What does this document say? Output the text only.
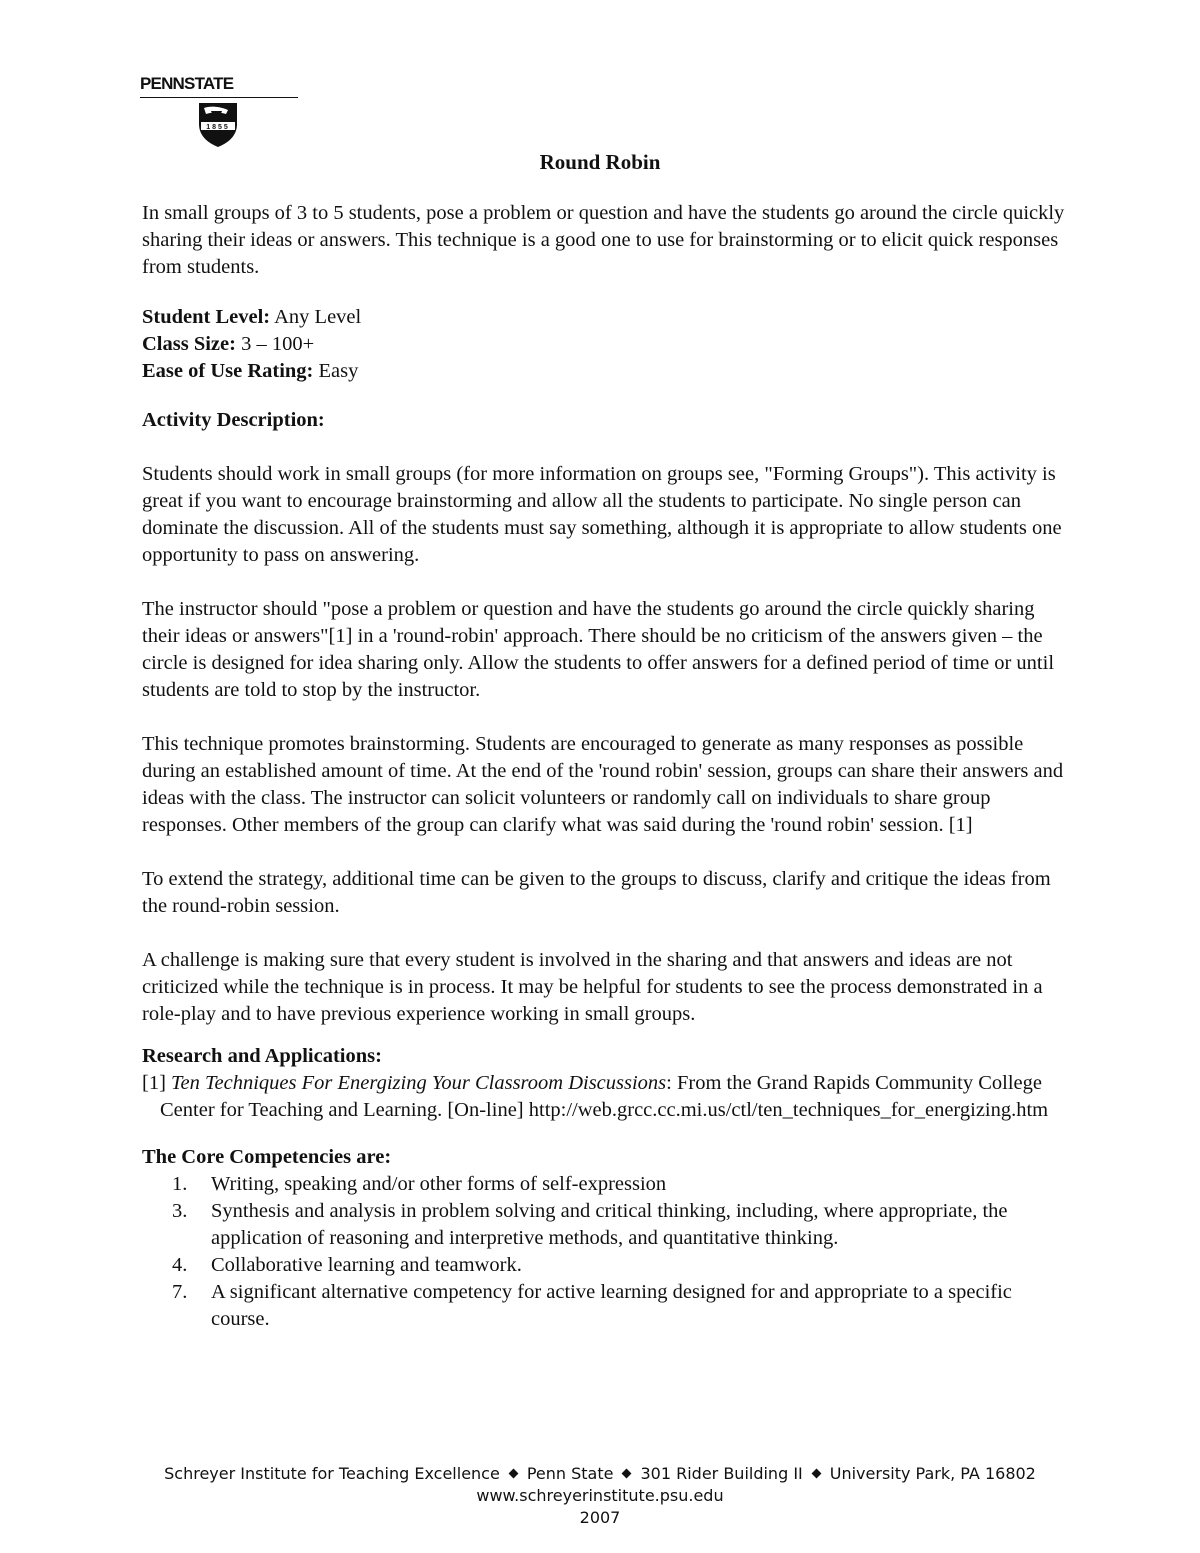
PENNSTATE
1855
Round Robin

In small groups of 3 to 5 students, pose a problem or question and have the students go around the circle quickly sharing their ideas or answers. This technique is a good one to use for brainstorming or to elicit quick responses from students.

Student Level: Any Level

Class Size: 3 – 100+

Ease of Use Rating: Easy

Activity Description:

Students should work in small groups (for more information on groups see, "Forming Groups"). This activity is great if you want to encourage brainstorming and allow all the students to participate. No single person can dominate the discussion. All of the students must say something, although it is appropriate to allow students one opportunity to pass on answering.

The instructor should "pose a problem or question and have the students go around the circle quickly sharing their ideas or answers"[1] in a 'round-robin' approach. There should be no criticism of the answers given – the circle is designed for idea sharing only. Allow the students to offer answers for a defined period of time or until students are told to stop by the instructor.

This technique promotes brainstorming. Students are encouraged to generate as many responses as possible during an established amount of time. At the end of the 'round robin' session, groups can share their answers and ideas with the class. The instructor can solicit volunteers or randomly call on individuals to share group responses. Other members of the group can clarify what was said during the 'round robin' session. [1]

To extend the strategy, additional time can be given to the groups to discuss, clarify and critique the ideas from the round-robin session.

A challenge is making sure that every student is involved in the sharing and that answers and ideas are not criticized while the technique is in process. It may be helpful for students to see the process demonstrated in a role-play and to have previous experience working in small groups.

Research and Applications:

[1] Ten Techniques For Energizing Your Classroom Discussions: From the Grand Rapids Community College Center for Teaching and Learning. [On-line] http://web.grcc.cc.mi.us/ctl/ten_techniques_for_energizing.htm

The Core Competencies are:

1.	Writing, speaking and/or other forms of self-expression
3.	Synthesis and analysis in problem solving and critical thinking, including, where appropriate, the application of reasoning and interpretive methods, and quantitative thinking.
4.	Collaborative learning and teamwork.
7.	A significant alternative competency for active learning designed for and appropriate to a specific course.
Schreyer Institute for Teaching Excellence Penn State 301 Rider Building II University Park, PA 16802
www.schreyerinstitute.psu.edu
2007
